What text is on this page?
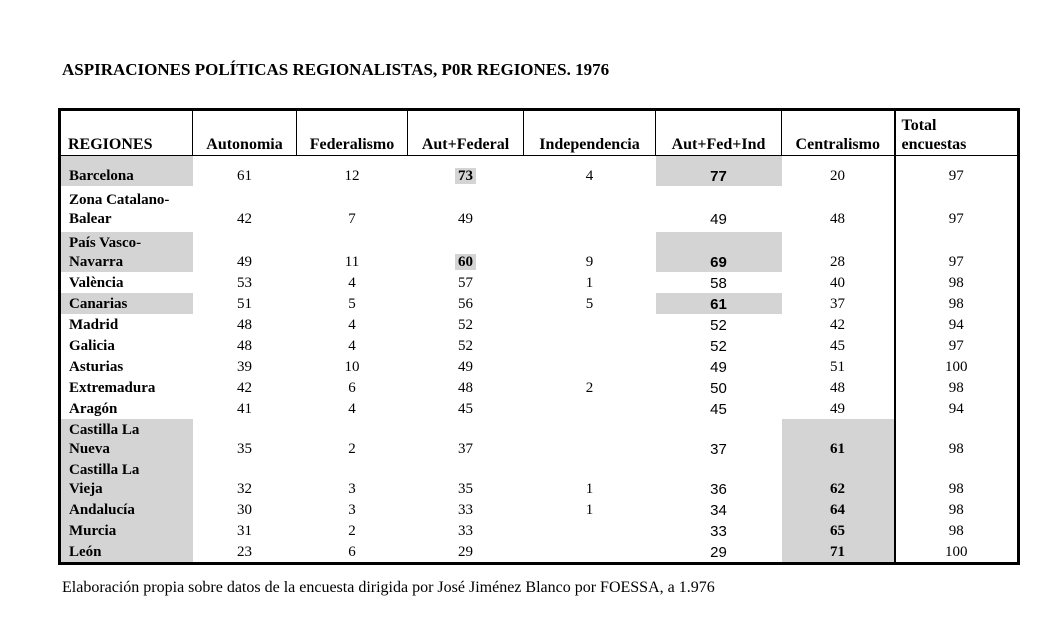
ASPIRACIONES POLÍTICAS REGIONALISTAS, P0R REGIONES. 1976
REGIONES	Autonomia	Federalismo	Aut+Federal	Independencia	Aut+Fed+Ind	Centralismo	Total
encuestas
Barcelona	61	12	73	4	77	20	97

Zona Catalano-
Balear	42	7	49		49	48	97

País Vasco-
Navarra	49	11	60	9	69	28	97
València	53	4	57	1	58	40	98
Canarias	51	5	56	5	61	37	98
Madrid	48	4	52		52	42	94
Galicia	48	4	52		52	45	97
Asturias	39	10	49		49	51	100
Extremadura	42	6	48	2	50	48	98
Aragón	41	4	45		45	49	94
Castilla La
Nueva	35	2	37		37	61	98
Castilla La
Vieja	32	3	35	1	36	62	98
Andalucía	30	3	33	1	34	64	98
Murcia	31	2	33		33	65	98
León	23	6	29		29	71	100
Elaboración propia sobre datos de la encuesta dirigida por José Jiménez Blanco por FOESSA, a 1.976
